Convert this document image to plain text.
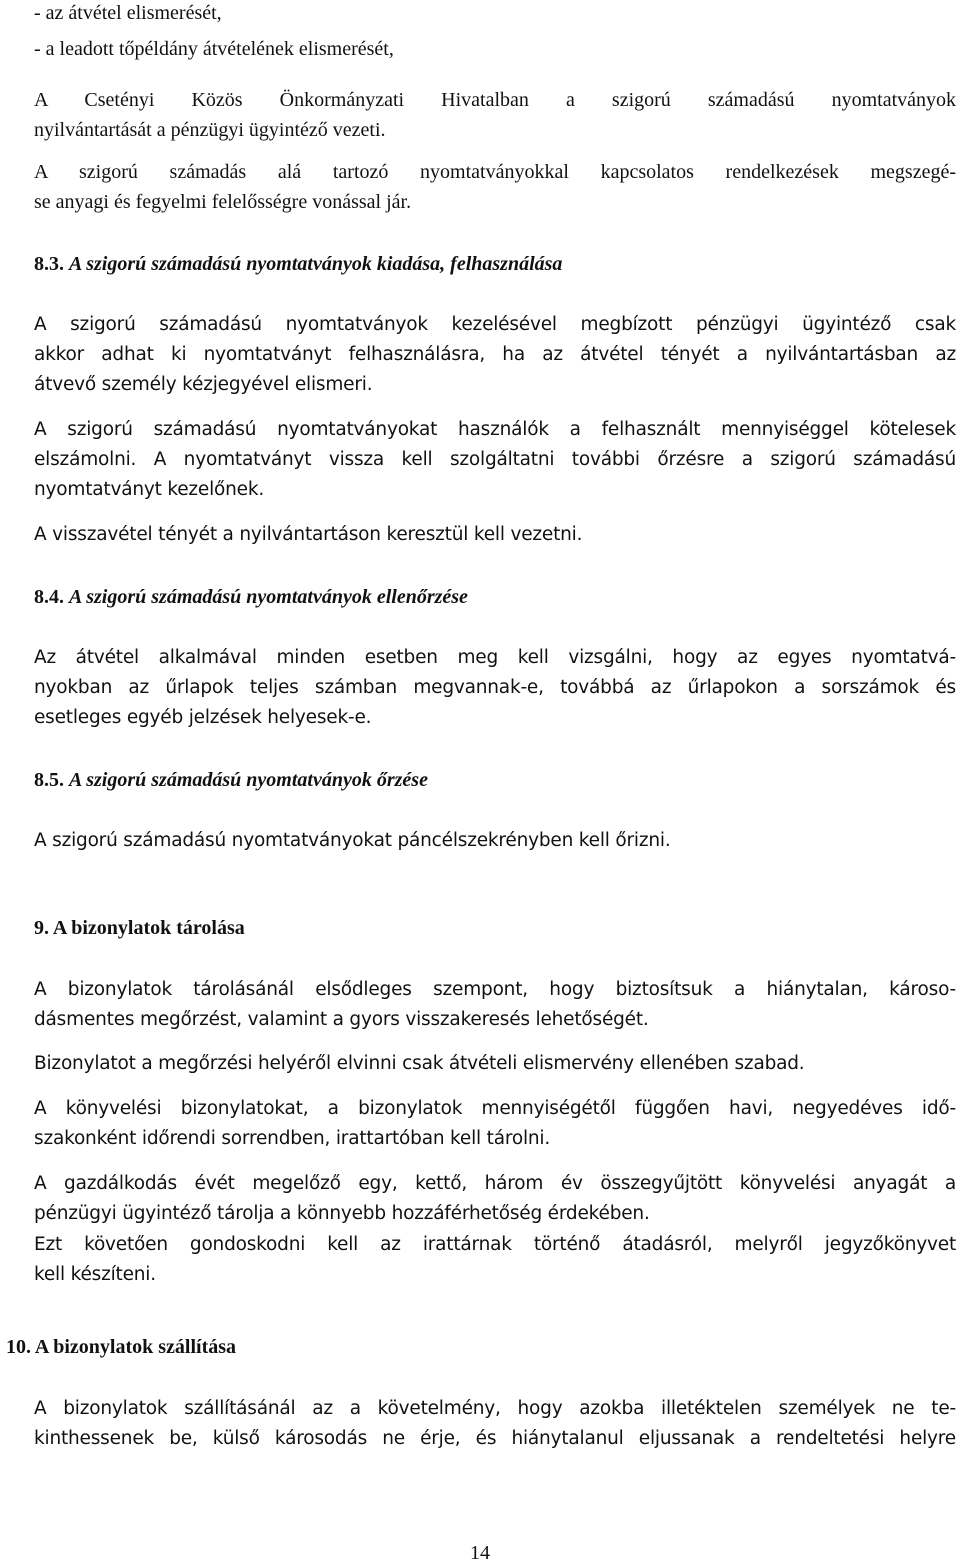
- az átvétel elismerését,
- a leadott tőpéldány átvételének elismerését,
A Csetényi Közös Önkormányzati Hivatalban a szigorú számadású nyomtatványok
nyilvántartását a pénzügyi ügyintéző vezeti.
A szigorú számadás alá tartozó nyomtatványokkal kapcsolatos rendelkezések megszegé-
se anyagi és fegyelmi felelősségre vonással jár.
8.3. A szigorú számadású nyomtatványok kiadása, felhasználása
A szigorú számadású nyomtatványok kezelésével megbízott pénzügyi ügyintéző csak
akkor adhat ki nyomtatványt felhasználásra, ha az átvétel tényét a nyilvántartásban az
átvevő személy kézjegyével elismeri.
A szigorú számadású nyomtatványokat használók a felhasznált mennyiséggel kötelesek
elszámolni. A nyomtatványt vissza kell szolgáltatni további őrzésre a szigorú számadású
nyomtatványt kezelőnek.
A visszavétel tényét a nyilvántartáson keresztül kell vezetni.
8.4. A szigorú számadású nyomtatványok ellenőrzése
Az átvétel alkalmával minden esetben meg kell vizsgálni, hogy az egyes nyomtatvá-
nyokban az űrlapok teljes számban megvannak-e, továbbá az űrlapokon a sorszámok és
esetleges egyéb jelzések helyesek-e.
8.5. A szigorú számadású nyomtatványok őrzése
A szigorú számadású nyomtatványokat páncélszekrényben kell őrizni.
9. A bizonylatok tárolása
A bizonylatok tárolásánál elsődleges szempont, hogy biztosítsuk a hiánytalan, károso-
dásmentes megőrzést, valamint a gyors visszakeresés lehetőségét.
Bizonylatot a megőrzési helyéről elvinni csak átvételi elismervény ellenében szabad.
A könyvelési bizonylatokat, a bizonylatok mennyiségétől függően havi, negyedéves idő-
szakonként időrendi sorrendben, irattartóban kell tárolni.
A gazdálkodás évét megelőző egy, kettő, három év összegyűjtött könyvelési anyagát a
pénzügyi ügyintéző tárolja a könnyebb hozzáférhetőség érdekében.
Ezt követően gondoskodni kell az irattárnak történő átadásról, melyről jegyzőkönyvet
kell készíteni.
10. A bizonylatok szállítása
A bizonylatok szállításánál az a követelmény, hogy azokba illetéktelen személyek ne te-
kinthessenek be, külső károsodás ne érje, és hiánytalanul eljussanak a rendeltetési helyre
14
